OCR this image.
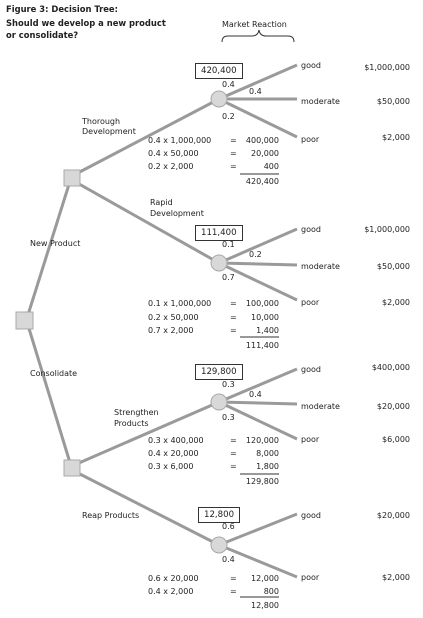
Figure 3: Decision Tree:
Should we develop a new product
or consolidate?
Market Reaction
New Product
Consolidate
Thorough
Development
Rapid
Development
Strengthen
Products
Reap Products
420,400
0.4
0.4
0.2
good
moderate
poor
$1,000,000
$50,000
$2,000
0.4 x 1,000,000 = 400,000
0.4 x 50,000	= 20,000
0.2 x 2,000	=	400
420,400
111,400
0.1
0.2
0.7
good
moderate
poor
$1,000,000
$50,000
$2,000
0.1 x 1,000,000 = 100,000
0.2 x 50,000	= 10,000
0.7 x 2,000	= 1,400
111,400
129,800
0.3
0.4
0.3
good
moderate
poor
$400,000
$20,000
$6,000
0.3 x 400,000	= 120,000
0.4 x 20,000	= 8,000
0.3 x 6,000	= 1,800
129,800
12,800
0.6
0.4
good
poor
$20,000
$2,000
0.6 x 20,000	= 12,000
0.4 x 2,000	=	800
12,800
